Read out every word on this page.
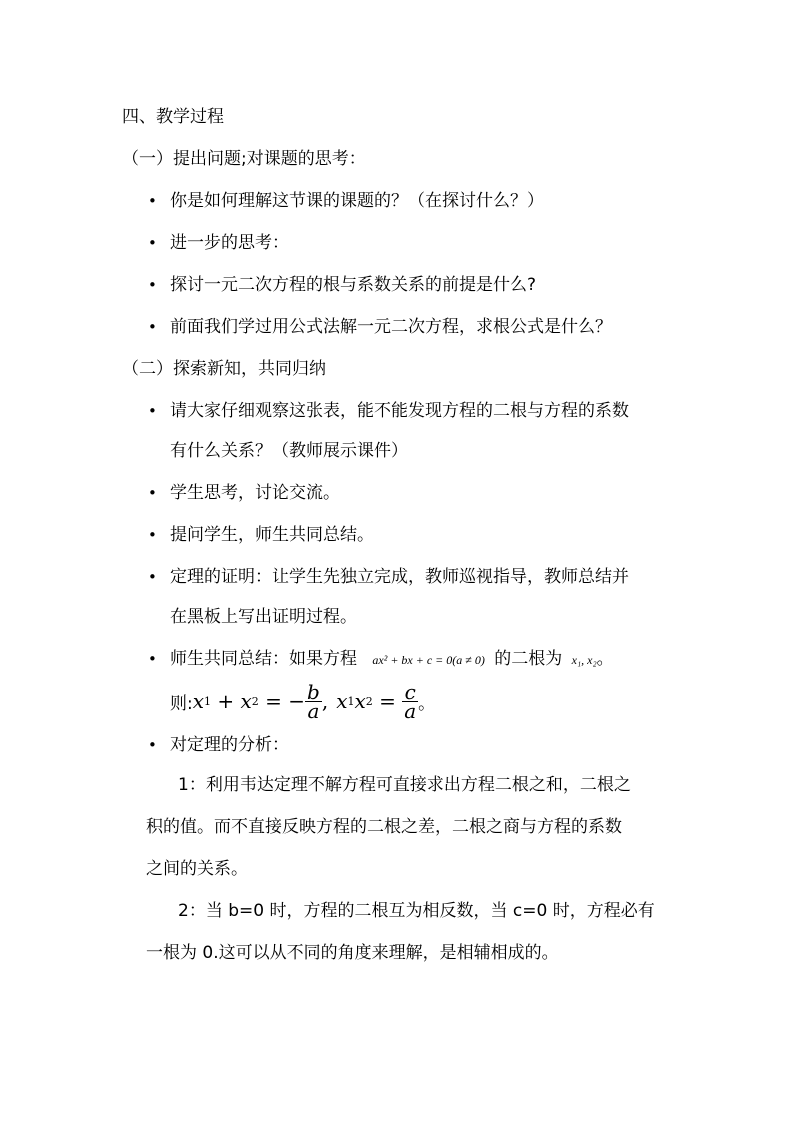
四、教学过程
（一）提出问题;对课题的思考：
• 你是如何理解这节课的课题的？（在探讨什么？）
• 进一步的思考：
• 探讨一元二次方程的根与系数关系的前提是什么?
• 前面我们学过用公式法解一元二次方程，求根公式是什么？
（二）探索新知，共同归纳
• 请大家仔细观察这张表，能不能发现方程的二根与方程的系数
有什么关系？（教师展示课件）
• 学生思考，讨论交流。
• 提问学生，师生共同总结。
• 定理的证明：让学生先独立完成，教师巡视指导，教师总结并
在黑板上写出证明过程。
• 师生共同总结：如果方程 ax² + bx + c = 0(a ≠ 0) 的二根为 x₁, x₂。
则: x 1 + x 2
= − $\frac{b}{a}$ , x 1 x $2 = \frac{c}{a}$ 。
• 对定理的分析：
1：利用韦达定理不解方程可直接求出方程二根之和，二根之
积的值。而不直接反映方程的二根之差，二根之商与方程的系数
之间的关系。
2：当 b=0 时，方程的二根互为相反数，当 c=0 时，方程必有
一根为 0.这可以从不同的角度来理解，是相辅相成的。
